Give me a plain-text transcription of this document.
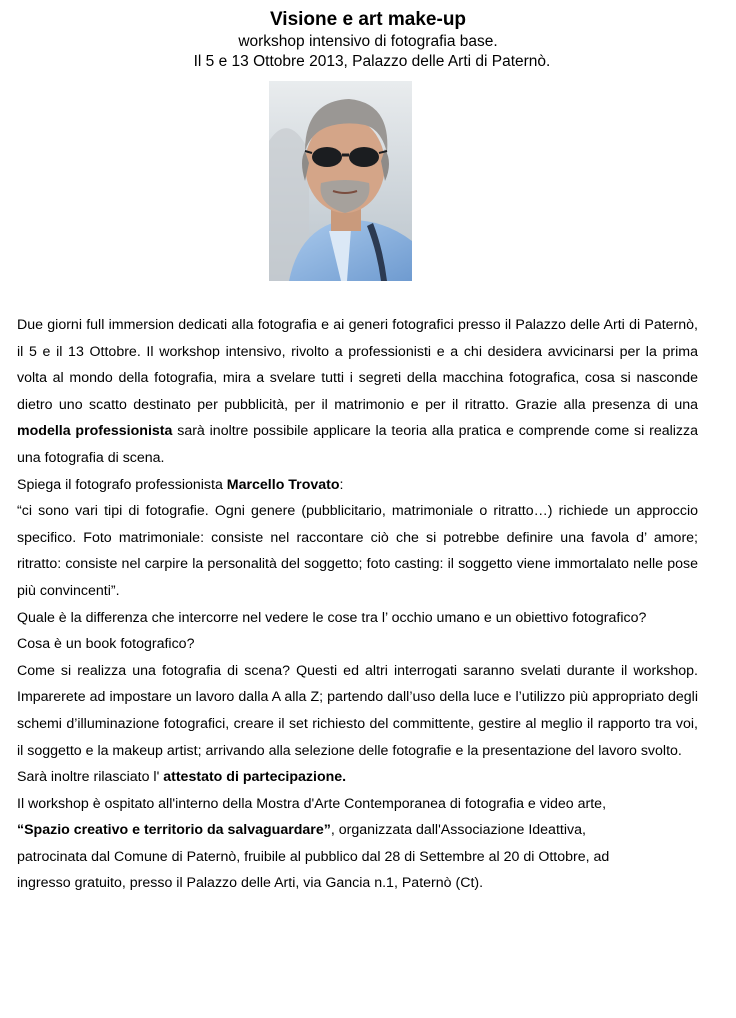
Visione e art make-up

workshop intensivo di fotografia base.

Il 5 e 13 Ottobre 2013, Palazzo delle Arti di Paternò.

Due giorni full immersion dedicati alla fotografia e ai generi fotografici presso il Palazzo delle Arti di Paternò, il 5 e il 13 Ottobre. Il workshop intensivo, rivolto a professionisti e a chi desidera avvicinarsi per la prima volta al mondo della fotografia, mira a svelare tutti i segreti della macchina fotografica, cosa si nasconde dietro uno scatto destinato per pubblicità, per il matrimonio e per il ritratto. Grazie alla presenza di una modella professionista sarà inoltre possibile applicare la teoria alla pratica e comprende come si realizza una fotografia di scena.

Spiega il fotografo professionista Marcello Trovato:

“ci sono vari tipi di fotografie. Ogni genere (pubblicitario, matrimoniale o ritratto…) richiede un approccio specifico. Foto matrimoniale: consiste nel raccontare ciò che si potrebbe definire una favola d’ amore; ritratto: consiste nel carpire la personalità del soggetto; foto casting: il soggetto viene immortalato nelle pose più convincenti”.

Quale è la differenza che intercorre nel vedere le cose tra l’ occhio umano e un obiettivo fotografico?

Cosa è un book fotografico?

Come si realizza una fotografia di scena? Questi ed altri interrogati saranno svelati durante il workshop. Imparerete ad impostare un lavoro dalla A alla Z; partendo dall’uso della luce e l’utilizzo più appropriato degli schemi d’illuminazione fotografici, creare il set richiesto del committente, gestire al meglio il rapporto tra voi, il soggetto e la makeup artist; arrivando alla selezione delle fotografie e la presentazione del lavoro svolto.

Sarà inoltre rilasciato l' attestato di partecipazione.

Il workshop è ospitato all'interno della Mostra d'Arte Contemporanea di fotografia e video arte,

“Spazio creativo e territorio da salvaguardare”, organizzata dall'Associazione Ideattiva,

patrocinata dal Comune di Paternò, fruibile al pubblico dal 28 di Settembre al 20 di Ottobre, ad

ingresso gratuito, presso il Palazzo delle Arti, via Gancia n.1, Paternò (Ct).
